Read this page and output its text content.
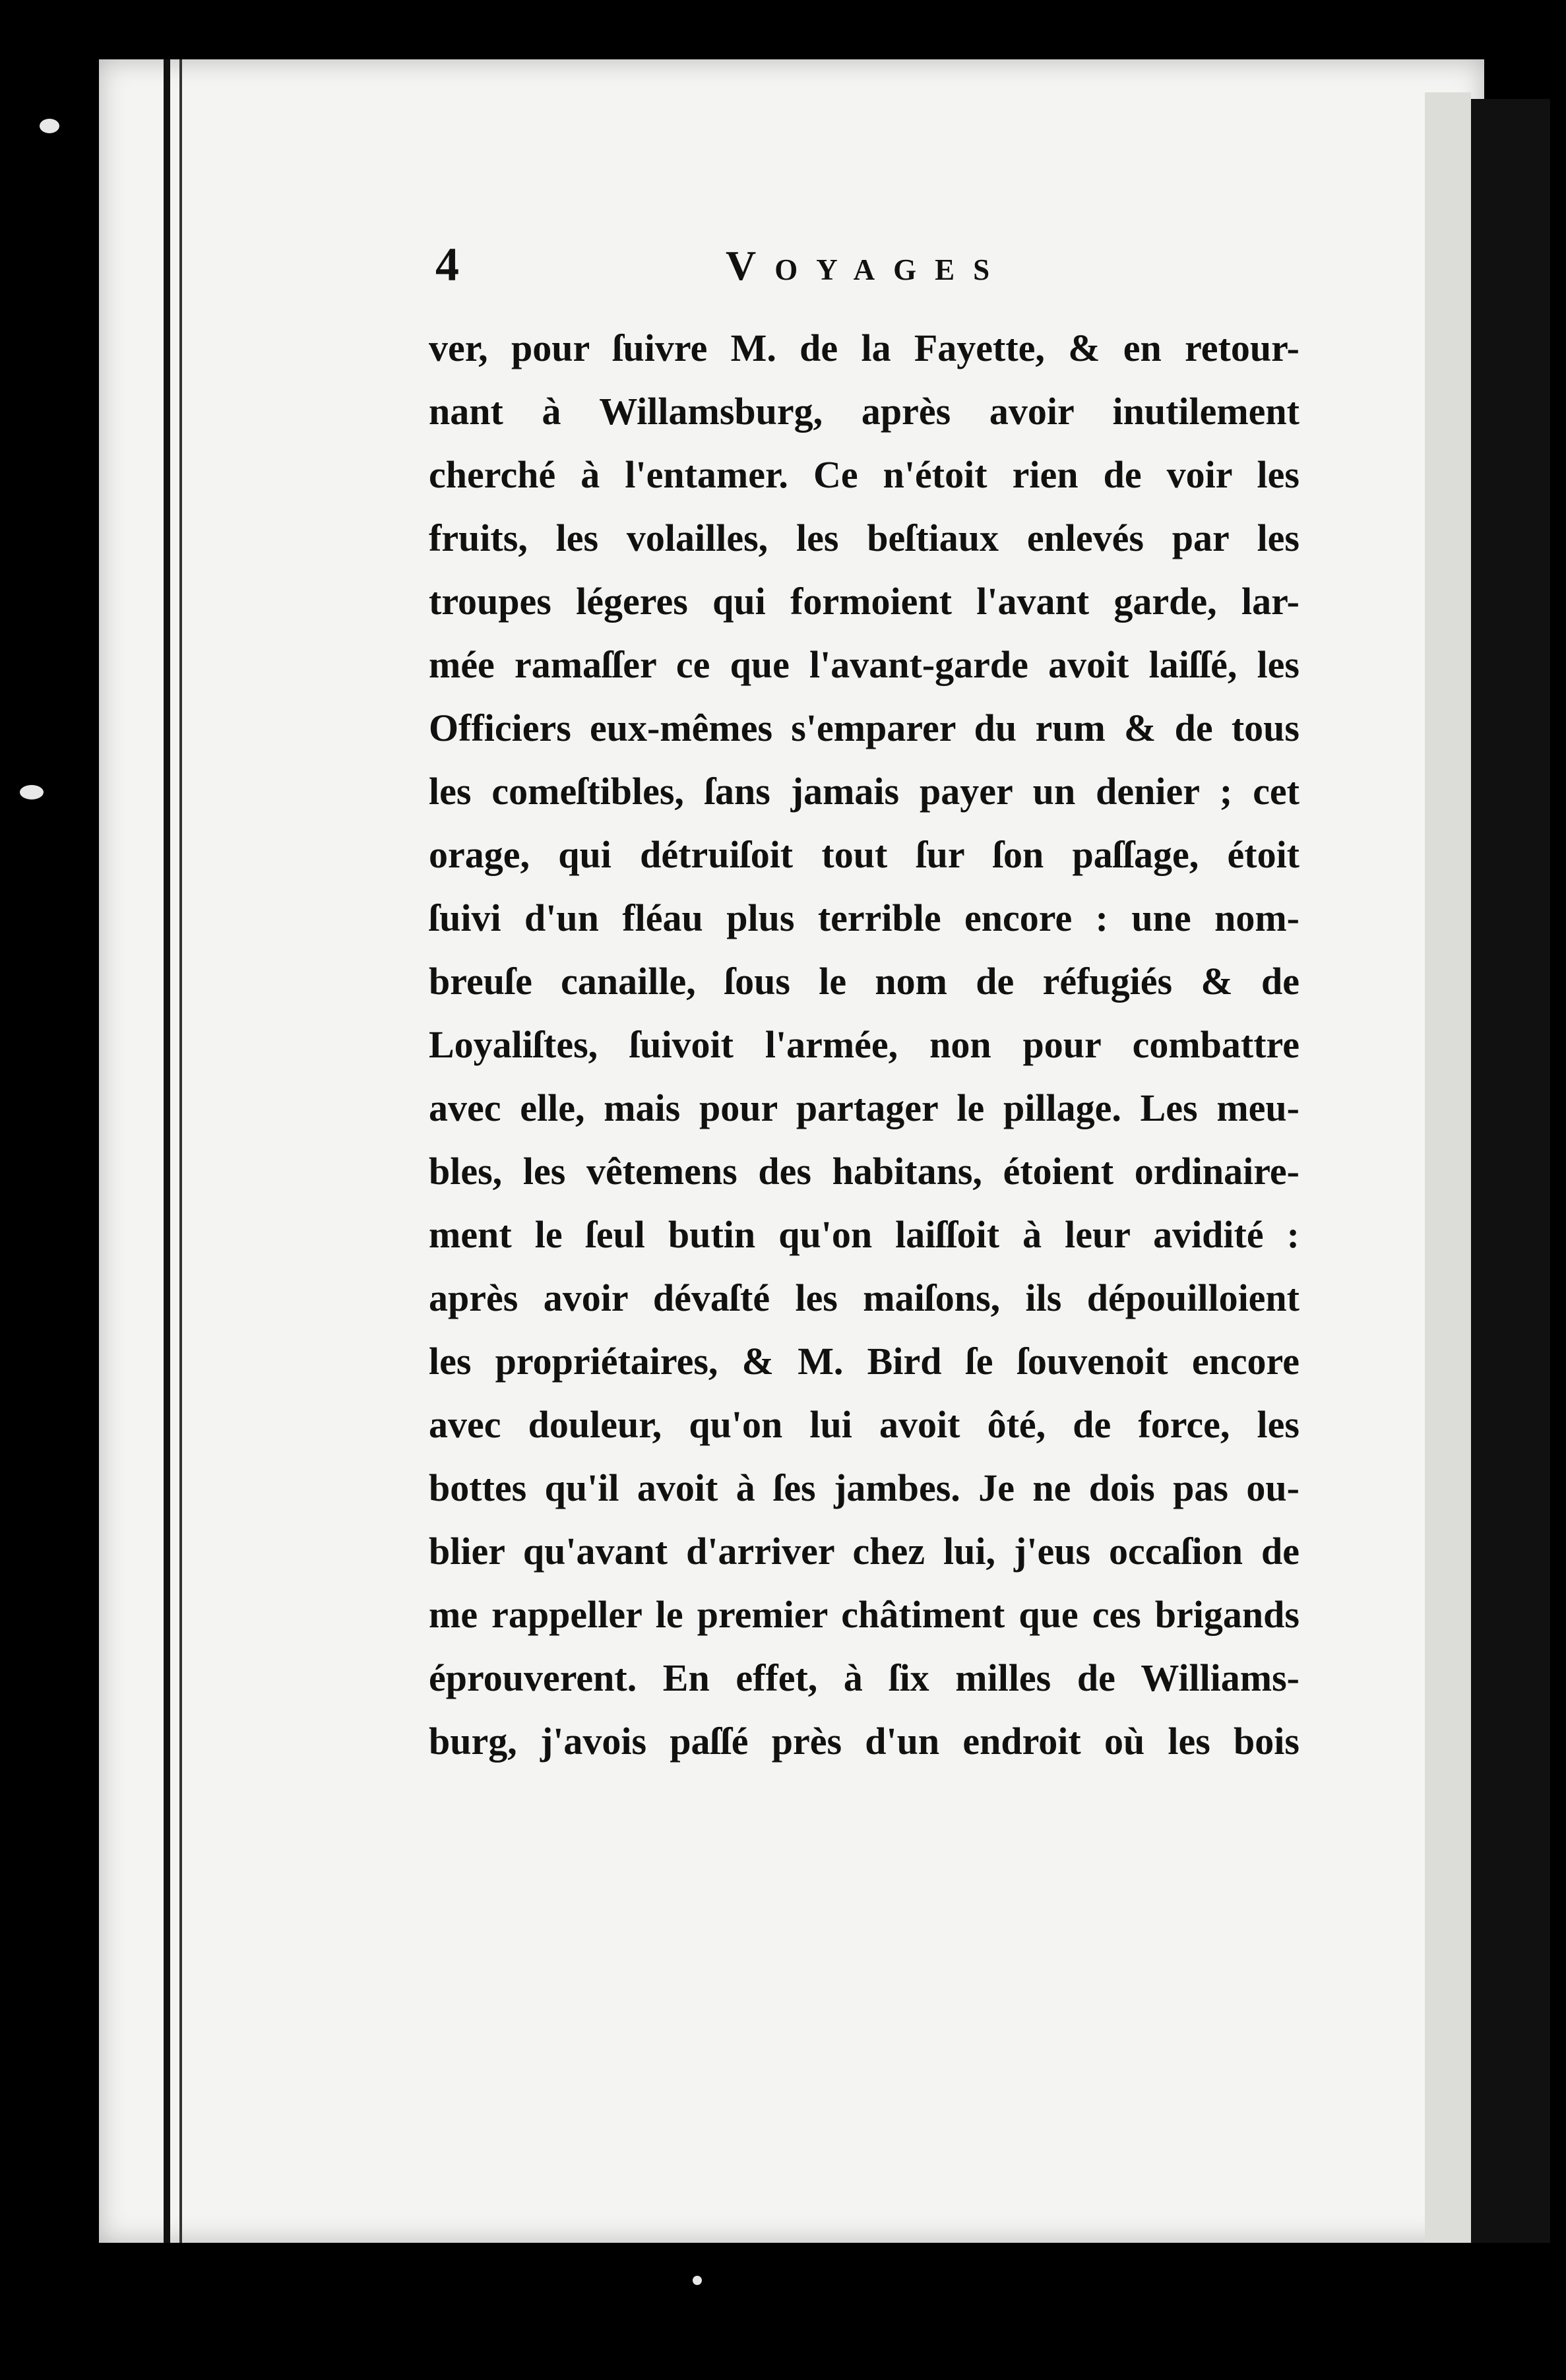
4	Voyages
ver, pour ſuivre M. de la Fayette, & en retour-
nant à Willamsburg, après avoir inutilement
cherché à l'entamer. Ce n'étoit rien de voir les
fruits, les volailles, les beſtiaux enlevés par les
troupes légeres qui formoient l'avant garde, lar-
mée ramaſſer ce que l'avant-garde avoit laiſſé, les
Officiers eux-mêmes s'emparer du rum & de tous
les comeſtibles, ſans jamais payer un denier ; cet
orage, qui détruiſoit tout ſur ſon paſſage, étoit
ſuivi d'un fléau plus terrible encore : une nom-
breuſe canaille, ſous le nom de réfugiés & de
Loyaliſtes, ſuivoit l'armée, non pour combattre
avec elle, mais pour partager le pillage. Les meu-
bles, les vêtemens des habitans, étoient ordinaire-
ment le ſeul butin qu'on laiſſoit à leur avidité :
après avoir dévaſté les maiſons, ils dépouilloient
les propriétaires, & M. Bird ſe ſouvenoit encore
avec douleur, qu'on lui avoit ôté, de force, les
bottes qu'il avoit à ſes jambes. Je ne dois pas ou-
blier qu'avant d'arriver chez lui, j'eus occaſion de
me rappeller le premier châtiment que ces brigands
éprouverent. En effet, à ſix milles de Williams-
burg, j'avois paſſé près d'un endroit où les bois
